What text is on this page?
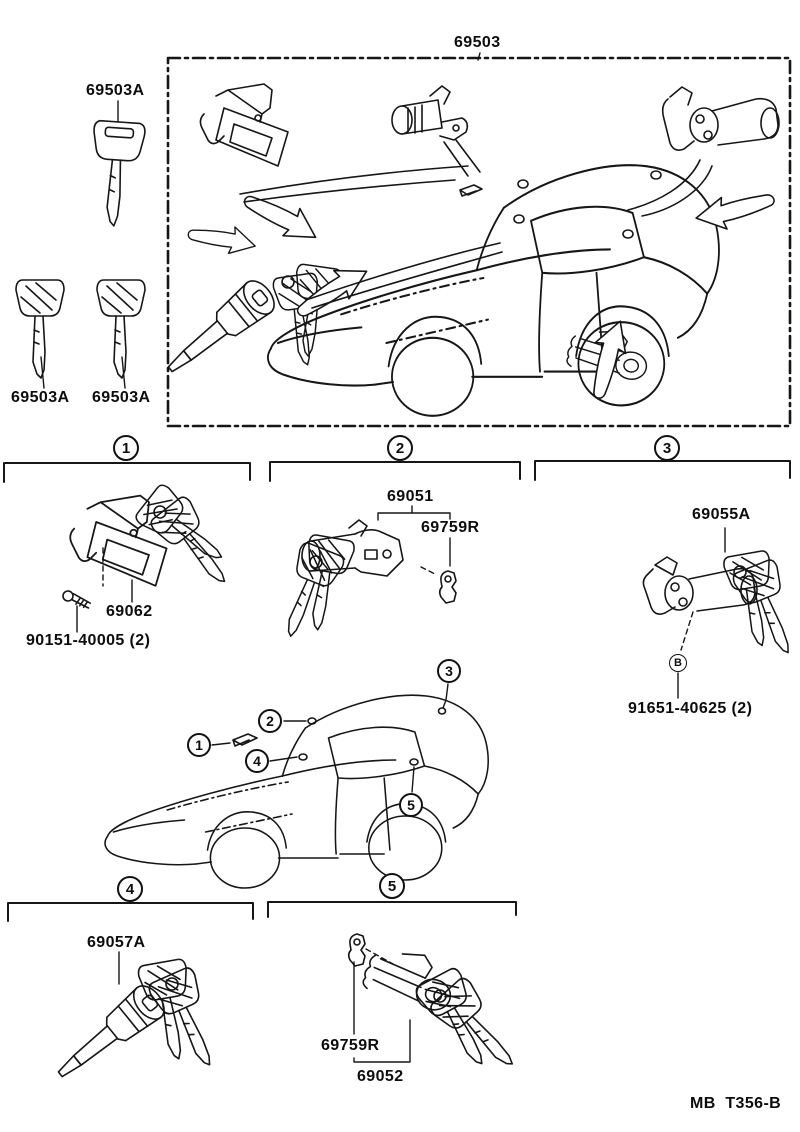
69503A
69503
69503A 69503A
69062
90151-40005 (2)
69051
69759R
69055A
91651-40625 (2)
69057A
69759R
69052
MB  T356-B
1	2	3
4	5
1
2
3
4
5
B
